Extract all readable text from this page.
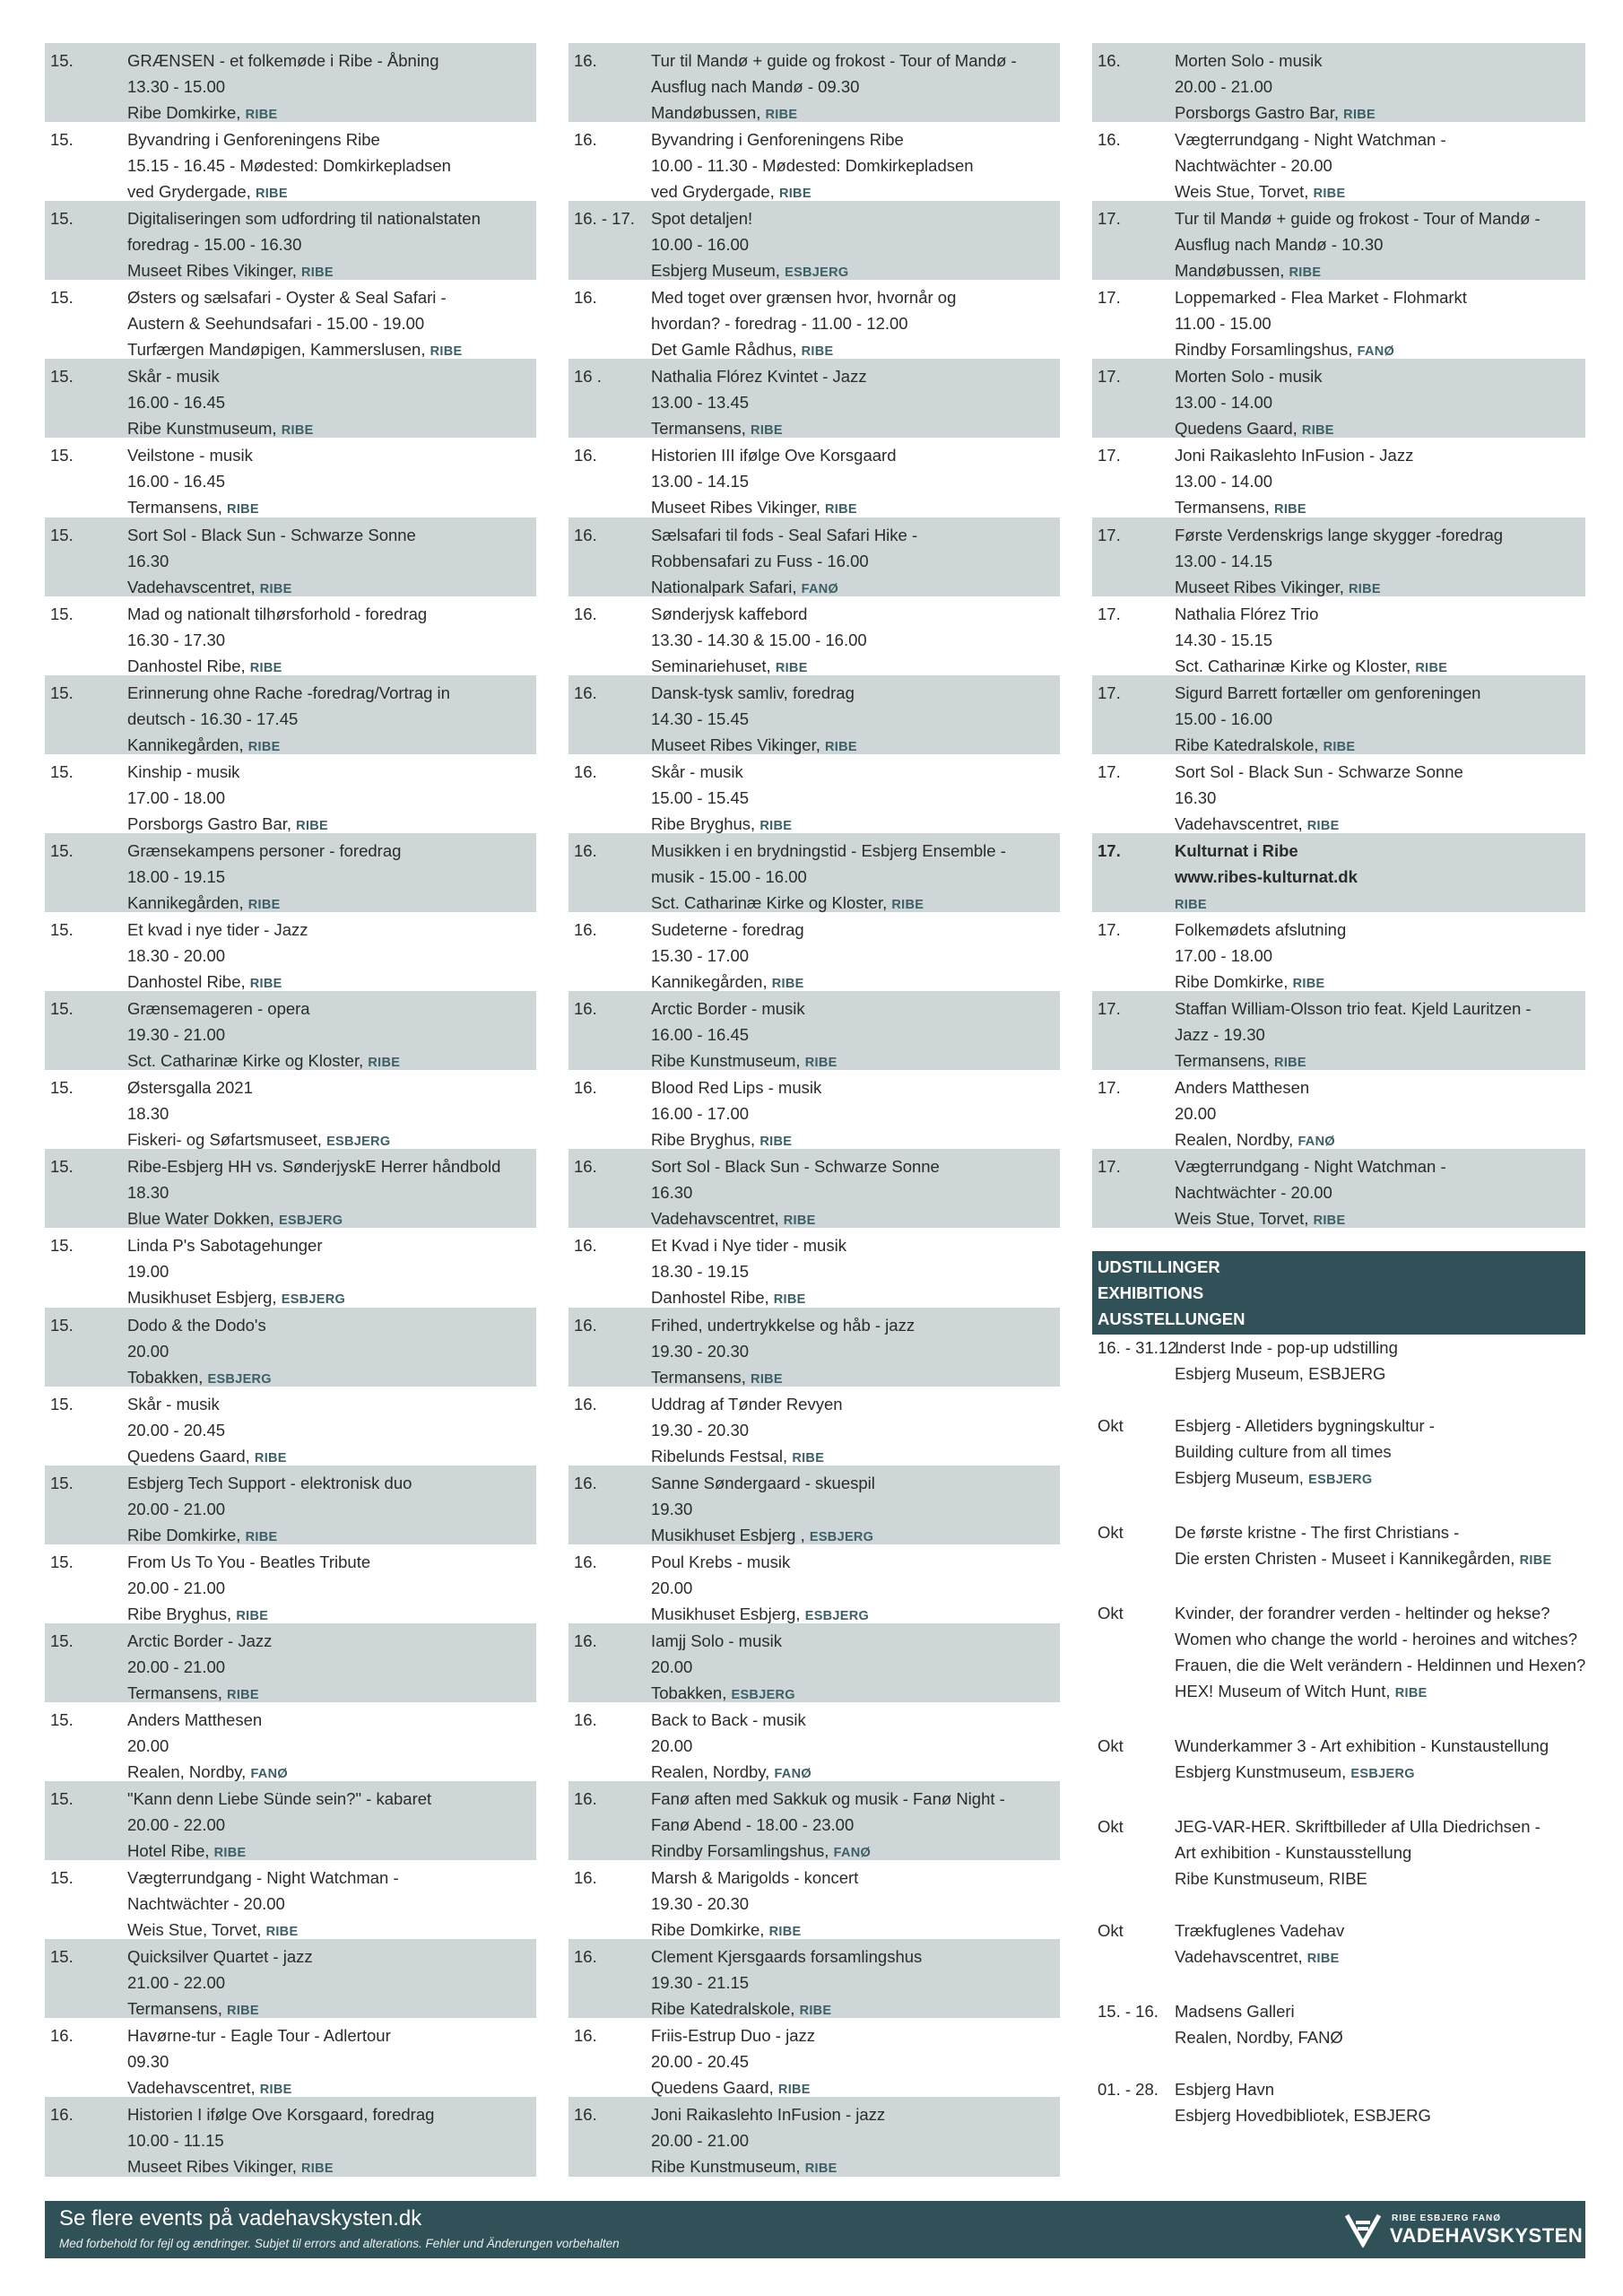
15.	GRÆNSEN - et folkemøde i Ribe - Åbning
13.30 - 15.00
Ribe Domkirke, RIBE
15.	Byvandring i Genforeningens Ribe
15.15 - 16.45 - Mødested: Domkirkepladsen
ved Grydergade, RIBE
15.	Digitaliseringen som udfordring til nationalstaten
foredrag - 15.00 - 16.30
Museet Ribes Vikinger, RIBE
15.	Østers og sælsafari - Oyster & Seal Safari -
Austern & Seehundsafari - 15.00 - 19.00
Turfærgen Mandøpigen, Kammerslusen, RIBE
15.	Skår - musik
16.00 - 16.45
Ribe Kunstmuseum, RIBE
15.	Veilstone - musik
16.00 - 16.45
Termansens, RIBE
15.	Sort Sol - Black Sun - Schwarze Sonne
16.30
Vadehavscentret, RIBE
15.	Mad og nationalt tilhørsforhold - foredrag
16.30 - 17.30
Danhostel Ribe, RIBE
15.	Erinnerung ohne Rache -foredrag/Vortrag in
deutsch - 16.30 - 17.45
Kannikegården, RIBE
15.	Kinship - musik
17.00 - 18.00
Porsborgs Gastro Bar, RIBE
15.	Grænsekampens personer - foredrag
18.00 - 19.15
Kannikegården, RIBE
15.	Et kvad i nye tider - Jazz
18.30 - 20.00
Danhostel Ribe, RIBE
15.	Grænsemageren - opera
19.30 - 21.00
Sct. Catharinæ Kirke og Kloster, RIBE
15.	Østersgalla 2021
18.30
Fiskeri- og Søfartsmuseet, ESBJERG
15.	Ribe-Esbjerg HH vs. SønderjyskE Herrer håndbold
18.30
Blue Water Dokken, ESBJERG
15.	Linda P's Sabotagehunger
19.00
Musikhuset Esbjerg, ESBJERG
15.	Dodo & the Dodo's
20.00
Tobakken, ESBJERG
15.	Skår - musik
20.00 - 20.45
Quedens Gaard, RIBE
15.	Esbjerg Tech Support - elektronisk duo
20.00 - 21.00
Ribe Domkirke, RIBE
15.	From Us To You - Beatles Tribute
20.00 - 21.00
Ribe Bryghus, RIBE
15.	Arctic Border - Jazz
20.00 - 21.00
Termansens, RIBE
15.	Anders Matthesen
20.00
Realen, Nordby, FANØ
15.	"Kann denn Liebe Sünde sein?" - kabaret
20.00 - 22.00
Hotel Ribe, RIBE
15.	Vægterrundgang - Night Watchman -
Nachtwächter - 20.00
Weis Stue, Torvet, RIBE
15.	Quicksilver Quartet - jazz
21.00 - 22.00
Termansens, RIBE
16.	Havørne-tur - Eagle Tour - Adlertour
09.30
Vadehavscentret, RIBE
16.	Historien I ifølge Ove Korsgaard, foredrag
10.00 - 11.15
Museet Ribes Vikinger, RIBE
16.	Tur til Mandø + guide og frokost - Tour of Mandø -
Ausflug nach Mandø - 09.30
Mandøbussen, RIBE
16.	Byvandring i Genforeningens Ribe
10.00 - 11.30 - Mødested: Domkirkepladsen
ved Grydergade, RIBE
16. - 17. Spot detaljen!
10.00 - 16.00
Esbjerg Museum, ESBJERG
16.	Med toget over grænsen hvor, hvornår og
hvordan? - foredrag - 11.00 - 12.00
Det Gamle Rådhus, RIBE
16 .	Nathalia Flórez Kvintet - Jazz
13.00 - 13.45
Termansens, RIBE
16.	Historien III ifølge Ove Korsgaard
13.00 - 14.15
Museet Ribes Vikinger, RIBE
16.	Sælsafari til fods - Seal Safari Hike -
Robbensafari zu Fuss - 16.00
Nationalpark Safari, FANØ
16.	Sønderjysk kaffebord
13.30 - 14.30 & 15.00 - 16.00
Seminariehuset, RIBE
16.	Dansk-tysk samliv, foredrag
14.30 - 15.45
Museet Ribes Vikinger, RIBE
16.	Skår - musik
15.00 - 15.45
Ribe Bryghus, RIBE
16.	Musikken i en brydningstid - Esbjerg Ensemble -
musik - 15.00 - 16.00
Sct. Catharinæ Kirke og Kloster, RIBE
16.	Sudeterne - foredrag
15.30 - 17.00
Kannikegården, RIBE
16.	Arctic Border - musik
16.00 - 16.45
Ribe Kunstmuseum, RIBE
16.	Blood Red Lips - musik
16.00 - 17.00
Ribe Bryghus, RIBE
16.	Sort Sol - Black Sun - Schwarze Sonne
16.30
Vadehavscentret, RIBE
16.	Et Kvad i Nye tider - musik
18.30 - 19.15
Danhostel Ribe, RIBE
16.	Frihed, undertrykkelse og håb - jazz
19.30 - 20.30
Termansens, RIBE
16.	Uddrag af Tønder Revyen
19.30 - 20.30
Ribelunds Festsal, RIBE
16.	Sanne Søndergaard - skuespil
19.30
Musikhuset Esbjerg , ESBJERG
16.	Poul Krebs - musik
20.00
Musikhuset Esbjerg, ESBJERG
16.	Iamjj Solo - musik
20.00
Tobakken, ESBJERG
16.	Back to Back - musik
20.00
Realen, Nordby, FANØ
16.	Fanø aften med Sakkuk og musik - Fanø Night -
Fanø Abend - 18.00 - 23.00
Rindby Forsamlingshus, FANØ
16.	Marsh & Marigolds - koncert
19.30 - 20.30
Ribe Domkirke, RIBE
16.	Clement Kjersgaards forsamlingshus
19.30 - 21.15
Ribe Katedralskole, RIBE
16.	Friis-Estrup Duo - jazz
20.00 - 20.45
Quedens Gaard, RIBE
16.	Joni Raikaslehto InFusion - jazz
20.00 - 21.00
Ribe Kunstmuseum, RIBE
16.	Morten Solo - musik
20.00 - 21.00
Porsborgs Gastro Bar, RIBE
16.	Vægterrundgang - Night Watchman -
Nachtwächter - 20.00
Weis Stue, Torvet, RIBE
17.	Tur til Mandø + guide og frokost - Tour of Mandø -
Ausflug nach Mandø - 10.30
Mandøbussen, RIBE
17.	Loppemarked - Flea Market - Flohmarkt
11.00 - 15.00
Rindby Forsamlingshus, FANØ
17.	Morten Solo - musik
13.00 - 14.00
Quedens Gaard, RIBE
17.	Joni Raikaslehto InFusion - Jazz
13.00 - 14.00
Termansens, RIBE
17.	Første Verdenskrigs lange skygger -foredrag
13.00 - 14.15
Museet Ribes Vikinger, RIBE
17.	Nathalia Flórez Trio
14.30 - 15.15
Sct. Catharinæ Kirke og Kloster, RIBE
17.	Sigurd Barrett fortæller om genforeningen
15.00 - 16.00
Ribe Katedralskole, RIBE
17.	Sort Sol - Black Sun - Schwarze Sonne
16.30
Vadehavscentret, RIBE
17.	Kulturnat i Ribe
www.ribes-kulturnat.dk
RIBE
17.	Folkemødets afslutning
17.00 - 18.00
Ribe Domkirke, RIBE
17.	Staffan William-Olsson trio feat. Kjeld Lauritzen -
Jazz - 19.30
Termansens, RIBE
17.	Anders Matthesen
20.00
Realen, Nordby, FANØ
17.	Vægterrundgang - Night Watchman -
Nachtwächter - 20.00
Weis Stue, Torvet, RIBE
UDSTILLINGER
EXHIBITIONS
AUSSTELLUNGEN
16. - 31.12.
Inderst Inde - pop-up udstilling
Esbjerg Museum, ESBJERG
Okt	Esbjerg - Alletiders bygningskultur -
Building culture from all times
Esbjerg Museum, ESBJERG
Okt	De første kristne - The first Christians -
Die ersten Christen - Museet i Kannikegården, RIBE
Okt	Kvinder, der forandrer verden - heltinder og hekse?
Women who change the world - heroines and witches?
Frauen, die die Welt verändern - Heldinnen und Hexen?
HEX! Museum of Witch Hunt, RIBE
Okt	Wunderkammer 3 - Art exhibition - Kunstaustellung
Esbjerg Kunstmuseum, ESBJERG
Okt	JEG-VAR-HER. Skriftbilleder af Ulla Diedrichsen -
Art exhibition - Kunstausstellung
Ribe Kunstmuseum, RIBE
Okt	Trækfuglenes Vadehav
Vadehavscentret, RIBE
15. - 16. Madsens Galleri
Realen, Nordby, FANØ
01. - 28. Esbjerg Havn
Esbjerg Hovedbibliotek, ESBJERG
Se flere events på vadehavskysten.dk
Med forbehold for fejl og ændringer. Subjet til errors and alterations. Fehler und Änderungen vorbehalten
RIBE ESBJERG FANØ
VADEHAVSKYSTEN
